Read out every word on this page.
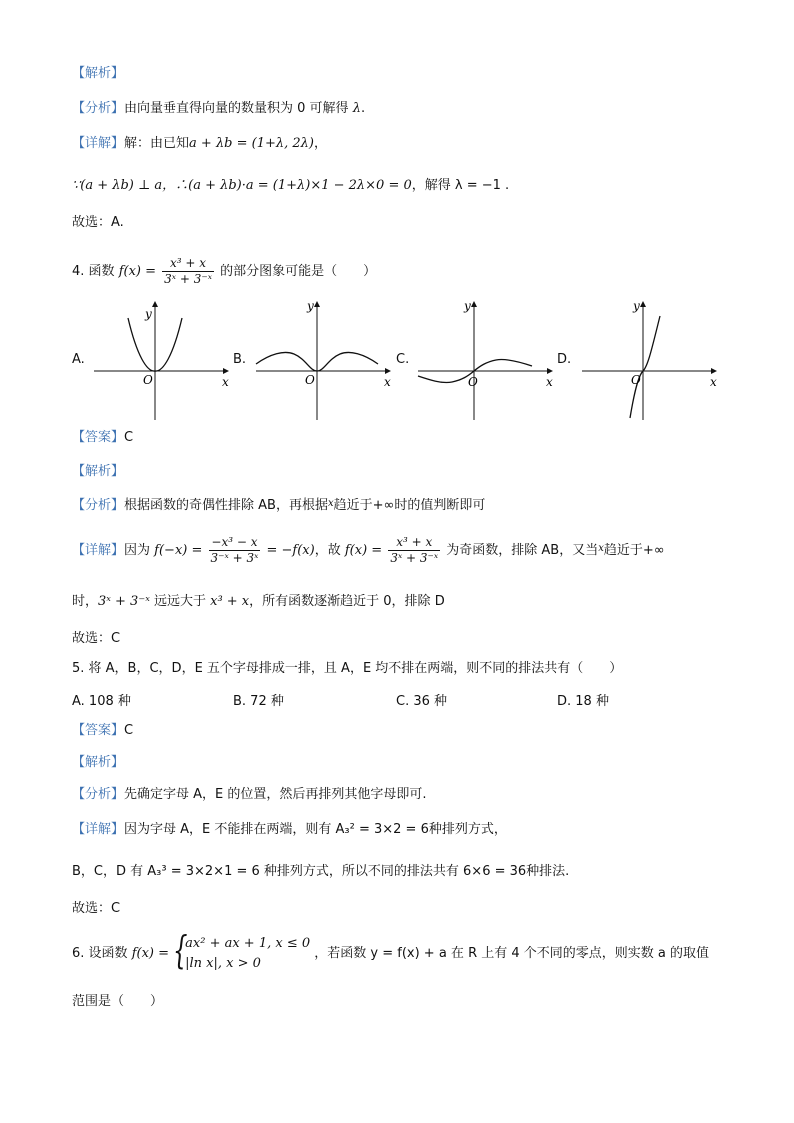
【解析】
【分析】由向量垂直得向量的数量积为 0 可解得 λ.
【详解】解：由已知a + λb = (1+λ, 2λ)，
∵(a + λb) ⊥ a，∴(a + λb)·a = (1+λ)×1 − 2λ×0 = 0，解得 λ = −1 .
故选：A.
4. 函数 $f(x) = \frac{\text{x³ + x}}{\text{3ˣ + 3⁻ˣ}}$ 的部分图象可能是（　　）
A.
y
x
O
B.
y
x
O
C.
y
x
O
D.
y
x
O
【答案】C
【解析】
【分析】根据函数的奇偶性排除 AB，再根据$^x$趋近于+∞时的值判断即可
【详解】因为 $f(-x) = \frac{\text{−x³ − x}}{\text{3⁻ˣ + 3ˣ}} = -f(x)$，故 $f(x) = \frac{\text{x³ + x}}{\text{3ˣ + 3⁻ˣ}}$ 为奇函数，排除 AB，又当$^x$趋近于+∞
时，3ˣ + 3⁻ˣ 远远大于 x³ + x，所有函数逐渐趋近于 0，排除 D
故选：C
5. 将 A，B，C，D，E 五个字母排成一排，且 A，E 均不排在两端，则不同的排法共有（　　）
A. 108 种	B. 72 种	C. 36 种	D. 18 种
【答案】C
【解析】
【分析】先确定字母 A，E 的位置，然后再排列其他字母即可.
【详解】因为字母 A，E 不能排在两端，则有 A₃² = 3×2 = 6种排列方式，
B，C，D 有 A₃³ = 3×2×1 = 6 种排列方式，所以不同的排法共有 6×6 = 36种排法.
故选：C
6. 设函数 f(x) = {
ax² + ax + 1, x ≤ 0
|ln x|, x > 0
，若函数 y = f(x) + a 在 R 上有 4 个不同的零点，则实数 a 的取值
范围是（　　）
